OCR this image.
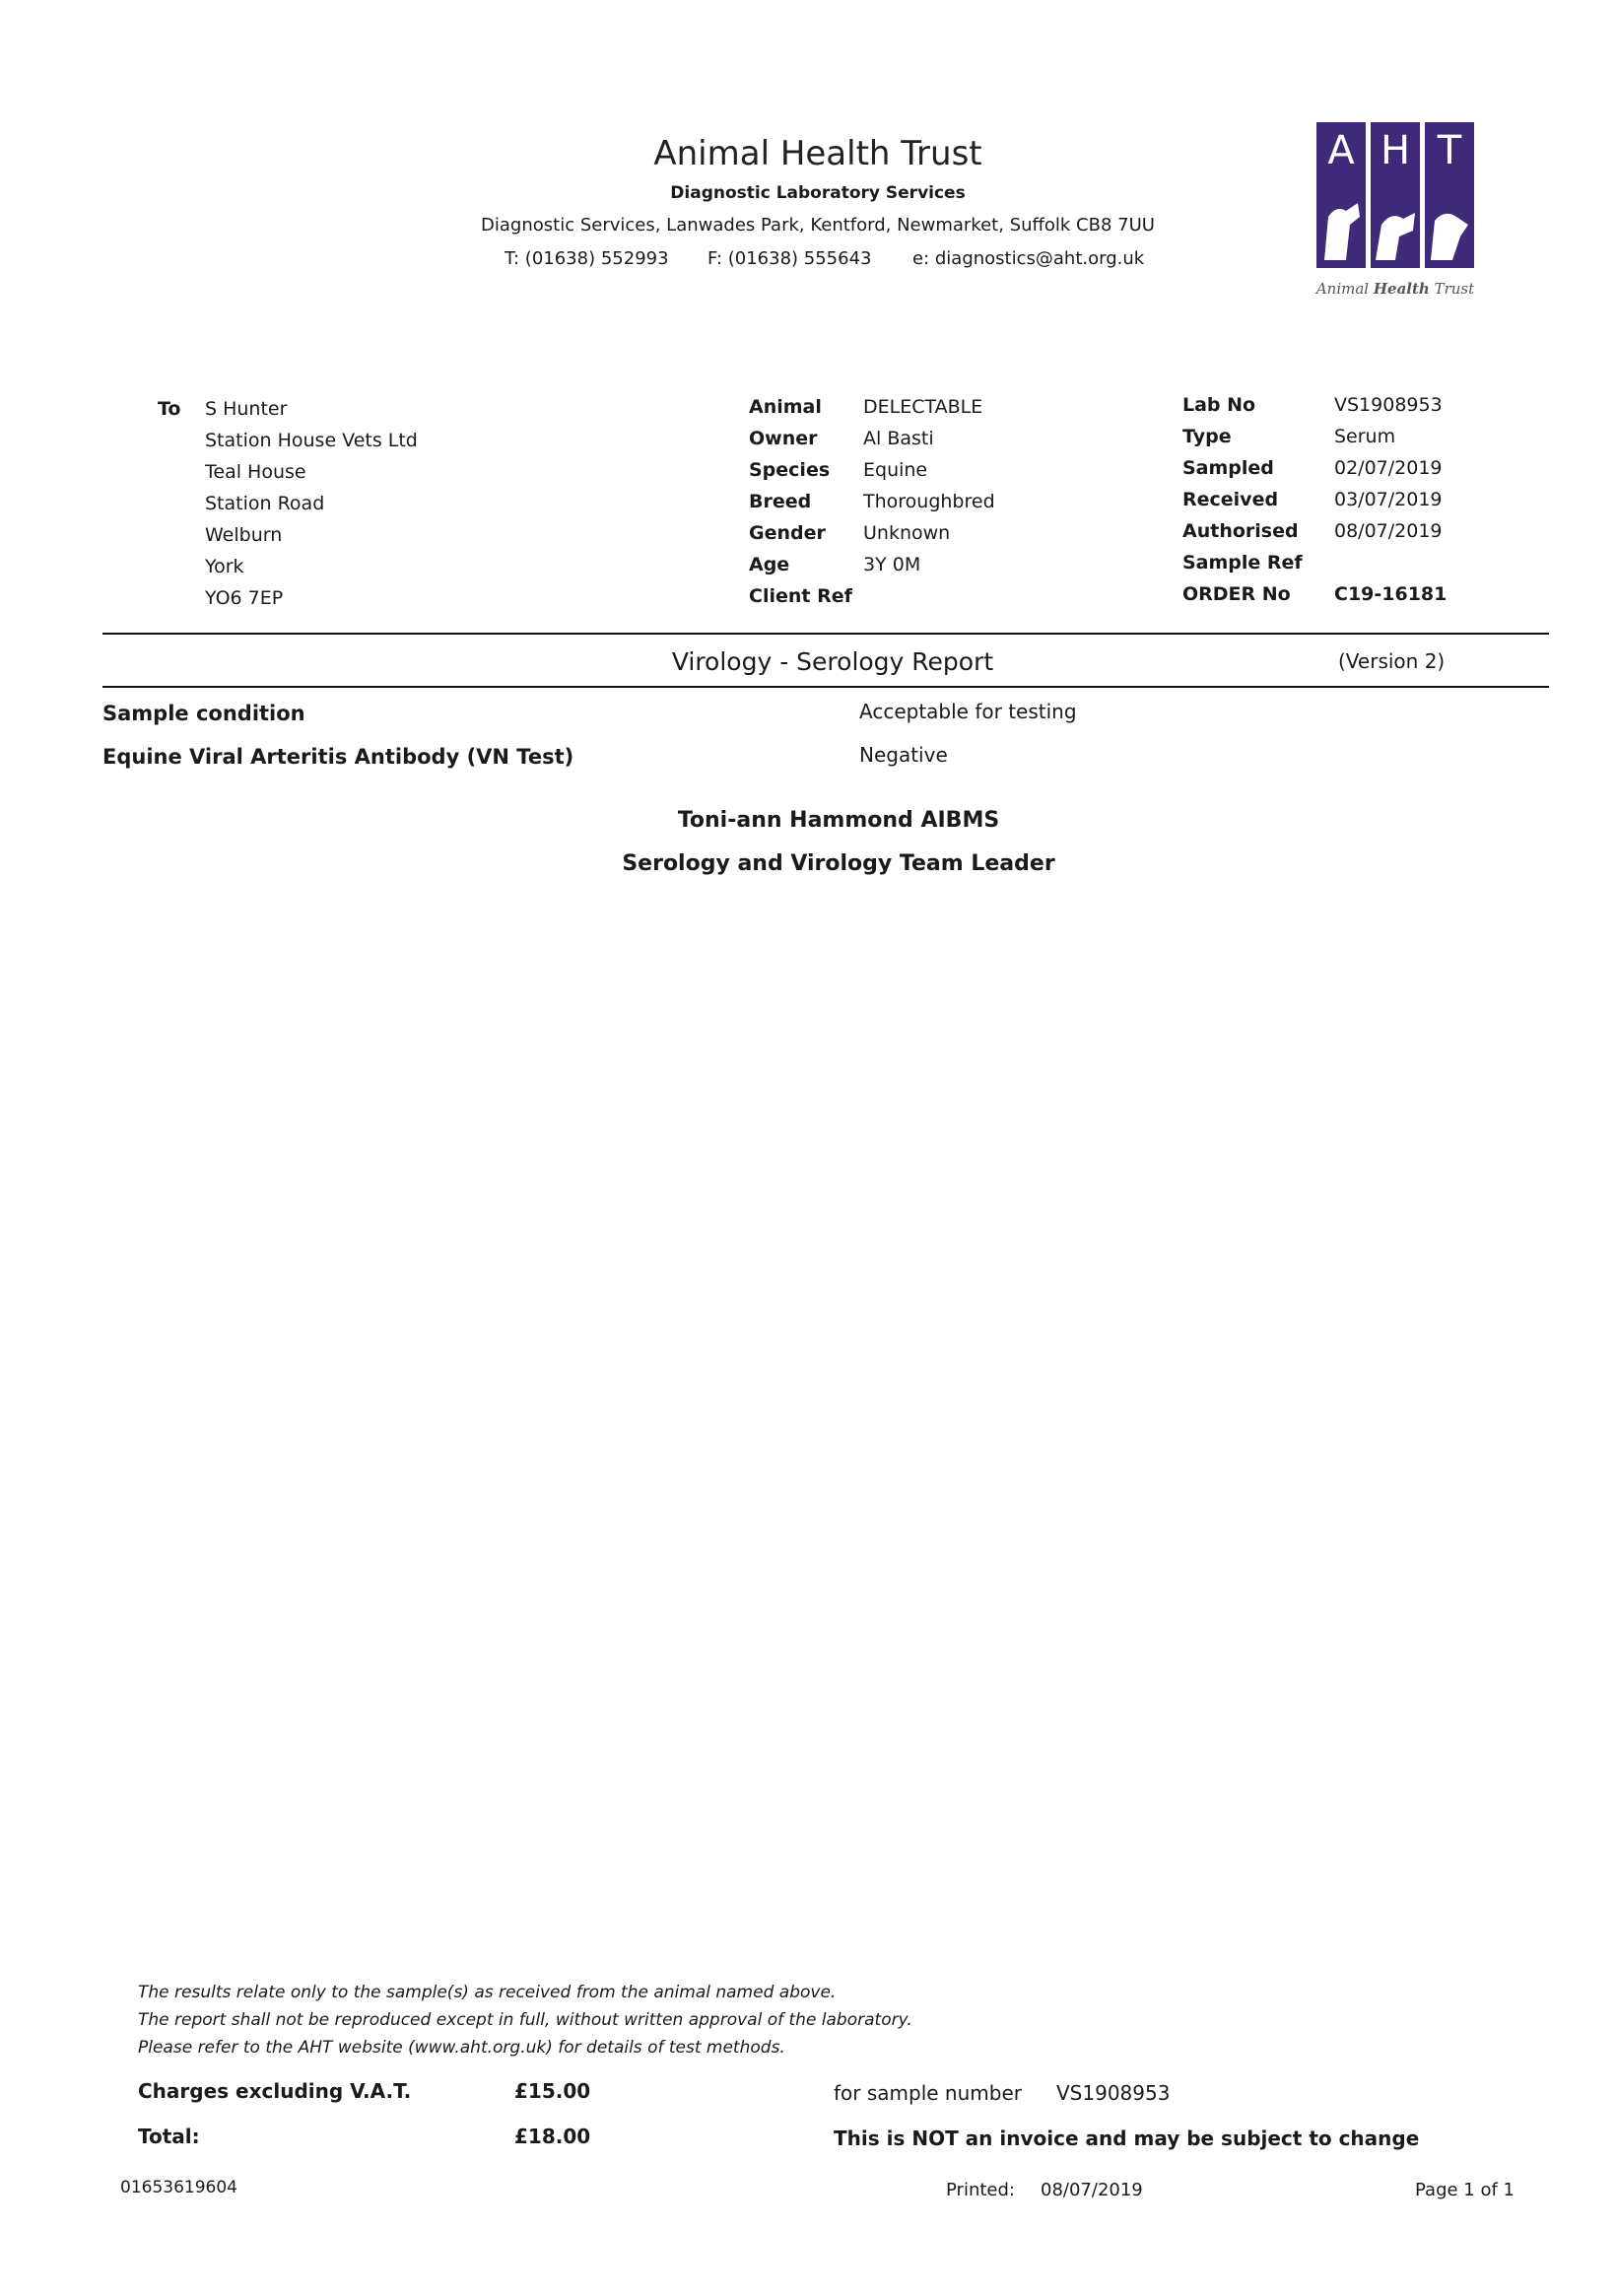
Animal Health Trust
Diagnostic Laboratory Services
Diagnostic Services, Lanwades Park, Kentford, Newmarket, Suffolk CB8 7UU
T: (01638) 552993 F: (01638) 555643 e: diagnostics@aht.org.uk
A H T
Animal Health Trust
To S Hunter
Station House Vets Ltd
Teal House
Station Road
Welburn
York
YO6 7EP
Animal DELECTABLE
Owner Al Basti
Species Equine
Breed	Thoroughbred
Gender Unknown
Age	3Y 0M
Client Ref
Lab No	VS1908953
Type	Serum
Sampled	02/07/2019
Received	03/07/2019
Authorised 08/07/2019
Sample Ref
ORDER No C19-16181
Virology - Serology Report	(Version 2)
Sample condition	Acceptable for testing
Equine Viral Arteritis Antibody (VN Test)	Negative
Toni-ann Hammond AIBMS
Serology and Virology Team Leader
The results relate only to the sample(s) as received from the animal named above.
The report shall not be reproduced except in full, without written approval of the laboratory.
Please refer to the AHT website (www.aht.org.uk) for details of test methods.
Charges excluding V.A.T.	£15.00	for sample number VS1908953
Total:	£18.00	This is NOT an invoice and may be subject to change
01653619604	Printed: 08/07/2019	Page 1 of 1
